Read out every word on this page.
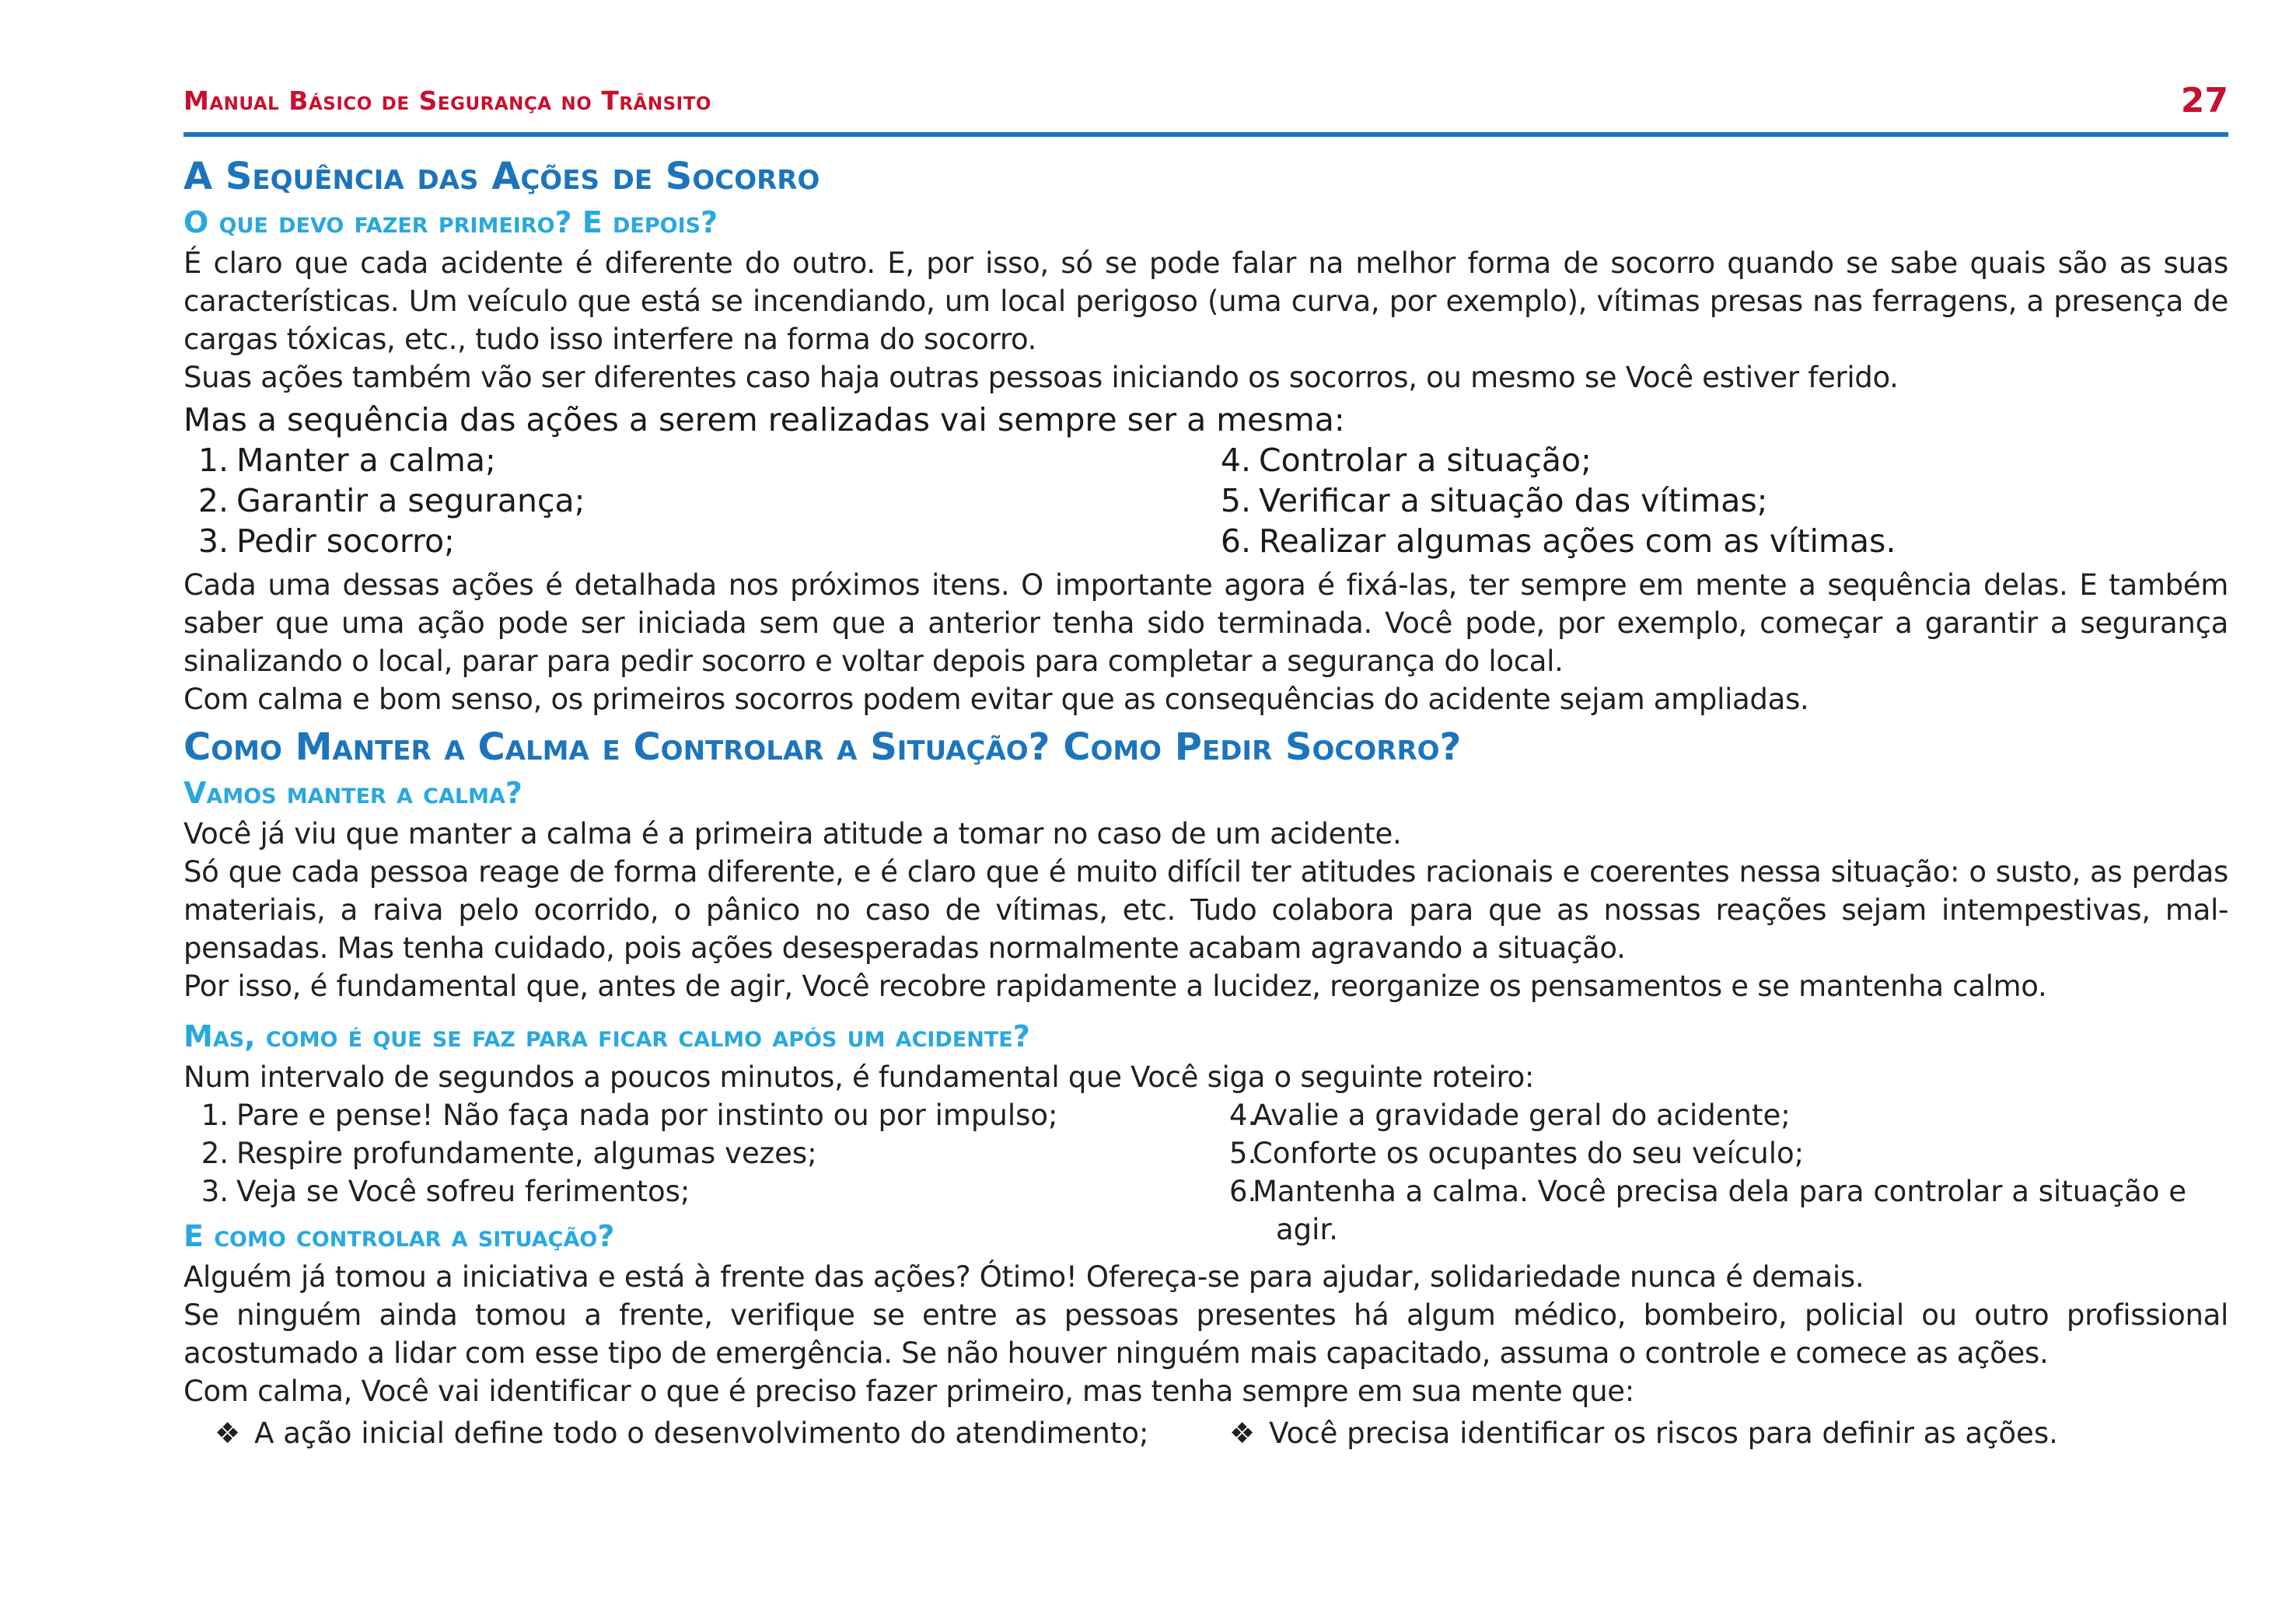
Manual Básico de Segurança no Trânsito	27
A Sequência das Ações de Socorro
O que devo fazer primeiro? E depois?

É claro que cada acidente é diferente do outro. E, por isso, só se pode falar na melhor forma de socorro quando se sabe quais são as suas características. Um veículo que está se incendiando, um local perigoso (uma curva, por exemplo), vítimas presas nas ferragens, a presença de cargas tóxicas, etc., tudo isso interfere na forma do socorro.

Suas ações também vão ser diferentes caso haja outras pessoas iniciando os socorros, ou mesmo se Você estiver ferido.

Mas a sequência das ações a serem realizadas vai sempre ser a mesma:

1. Manter a calma;

2. Garantir a segurança;

3. Pedir socorro;

4. Controlar a situação;

5. Verificar a situação das vítimas;

6. Realizar algumas ações com as vítimas.

Cada uma dessas ações é detalhada nos próximos itens. O importante agora é fixá-las, ter sempre em mente a sequência delas. E também saber que uma ação pode ser iniciada sem que a anterior tenha sido terminada. Você pode, por exemplo, começar a garantir a segurança sinalizando o local, parar para pedir socorro e voltar depois para completar a segurança do local.

Com calma e bom senso, os primeiros socorros podem evitar que as consequências do acidente sejam ampliadas.

Como Manter a Calma e Controlar a Situação? Como Pedir Socorro?
Vamos manter a calma?

Você já viu que manter a calma é a primeira atitude a tomar no caso de um acidente.

Só que cada pessoa reage de forma diferente, e é claro que é muito difícil ter atitudes racionais e coerentes nessa situação: o susto, as perdas materiais, a raiva pelo ocorrido, o pânico no caso de vítimas, etc. Tudo colabora para que as nossas reações sejam intempestivas, mal-pensadas. Mas tenha cuidado, pois ações desesperadas normalmente acabam agravando a situação.

Por isso, é fundamental que, antes de agir, Você recobre rapidamente a lucidez, reorganize os pensamentos e se mantenha calmo.

Mas, como é que se faz para ficar calmo após um acidente?

Num intervalo de segundos a poucos minutos, é fundamental que Você siga o seguinte roteiro:

1. Pare e pense! Não faça nada por instinto ou por impulso;

2. Respire profundamente, algumas vezes;

3. Veja se Você sofreu ferimentos;

4.Avalie a gravidade geral do acidente;

5.Conforte os ocupantes do seu veículo;

6.Mantenha a calma. Você precisa dela para controlar a situação e agir.

E como controlar a situação?

Alguém já tomou a iniciativa e está à frente das ações? Ótimo! Ofereça-se para ajudar, solidariedade nunca é demais.

Se ninguém ainda tomou a frente, verifique se entre as pessoas presentes há algum médico, bombeiro, policial ou outro profissional acostumado a lidar com esse tipo de emergência. Se não houver ninguém mais capacitado, assuma o controle e comece as ações.

Com calma, Você vai identificar o que é preciso fazer primeiro, mas tenha sempre em sua mente que:

❖ A ação inicial define todo o desenvolvimento do atendimento;	❖ Você precisa identificar os riscos para definir as ações.
